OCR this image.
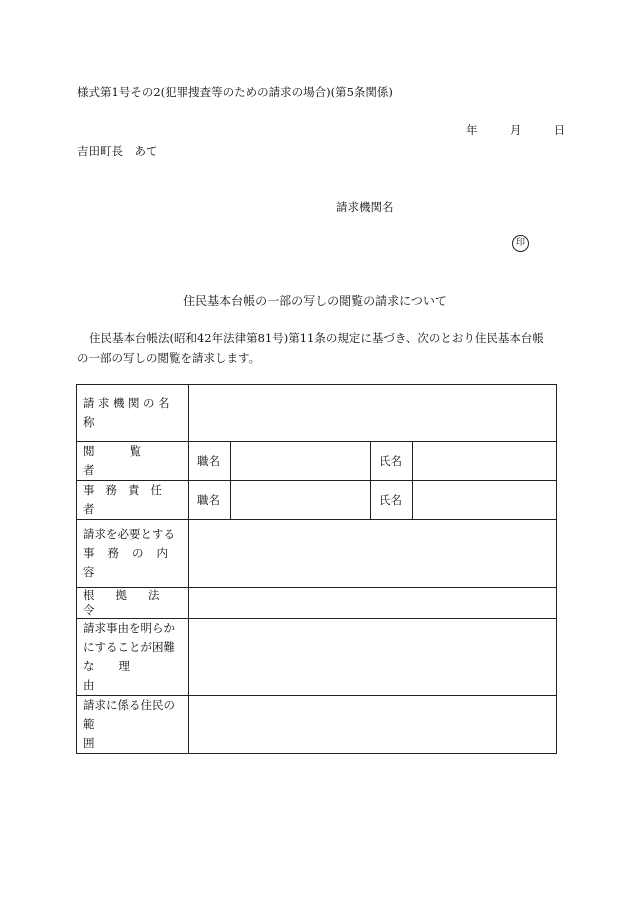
様式第1号その2(犯罪捜査等のための請求の場合)(第5条関係)
年	月	日
吉田町長　あて
請求機関名
印
住民基本台帳の一部の写しの閲覧の請求について
住民基本台帳法(昭和42年法律第81号)第11条の規定に基づき、次のとおり住民基本台帳の一部の写しの閲覧を請求します。
請求機関の名称				

閲覧者	職名		氏名	

事務責任者	職名		氏名	

請求を必要とする
事務の内容				

根拠法令				

請求事由を明らか
にすることが困難
な理由				

請求に係る住民の
範囲				
